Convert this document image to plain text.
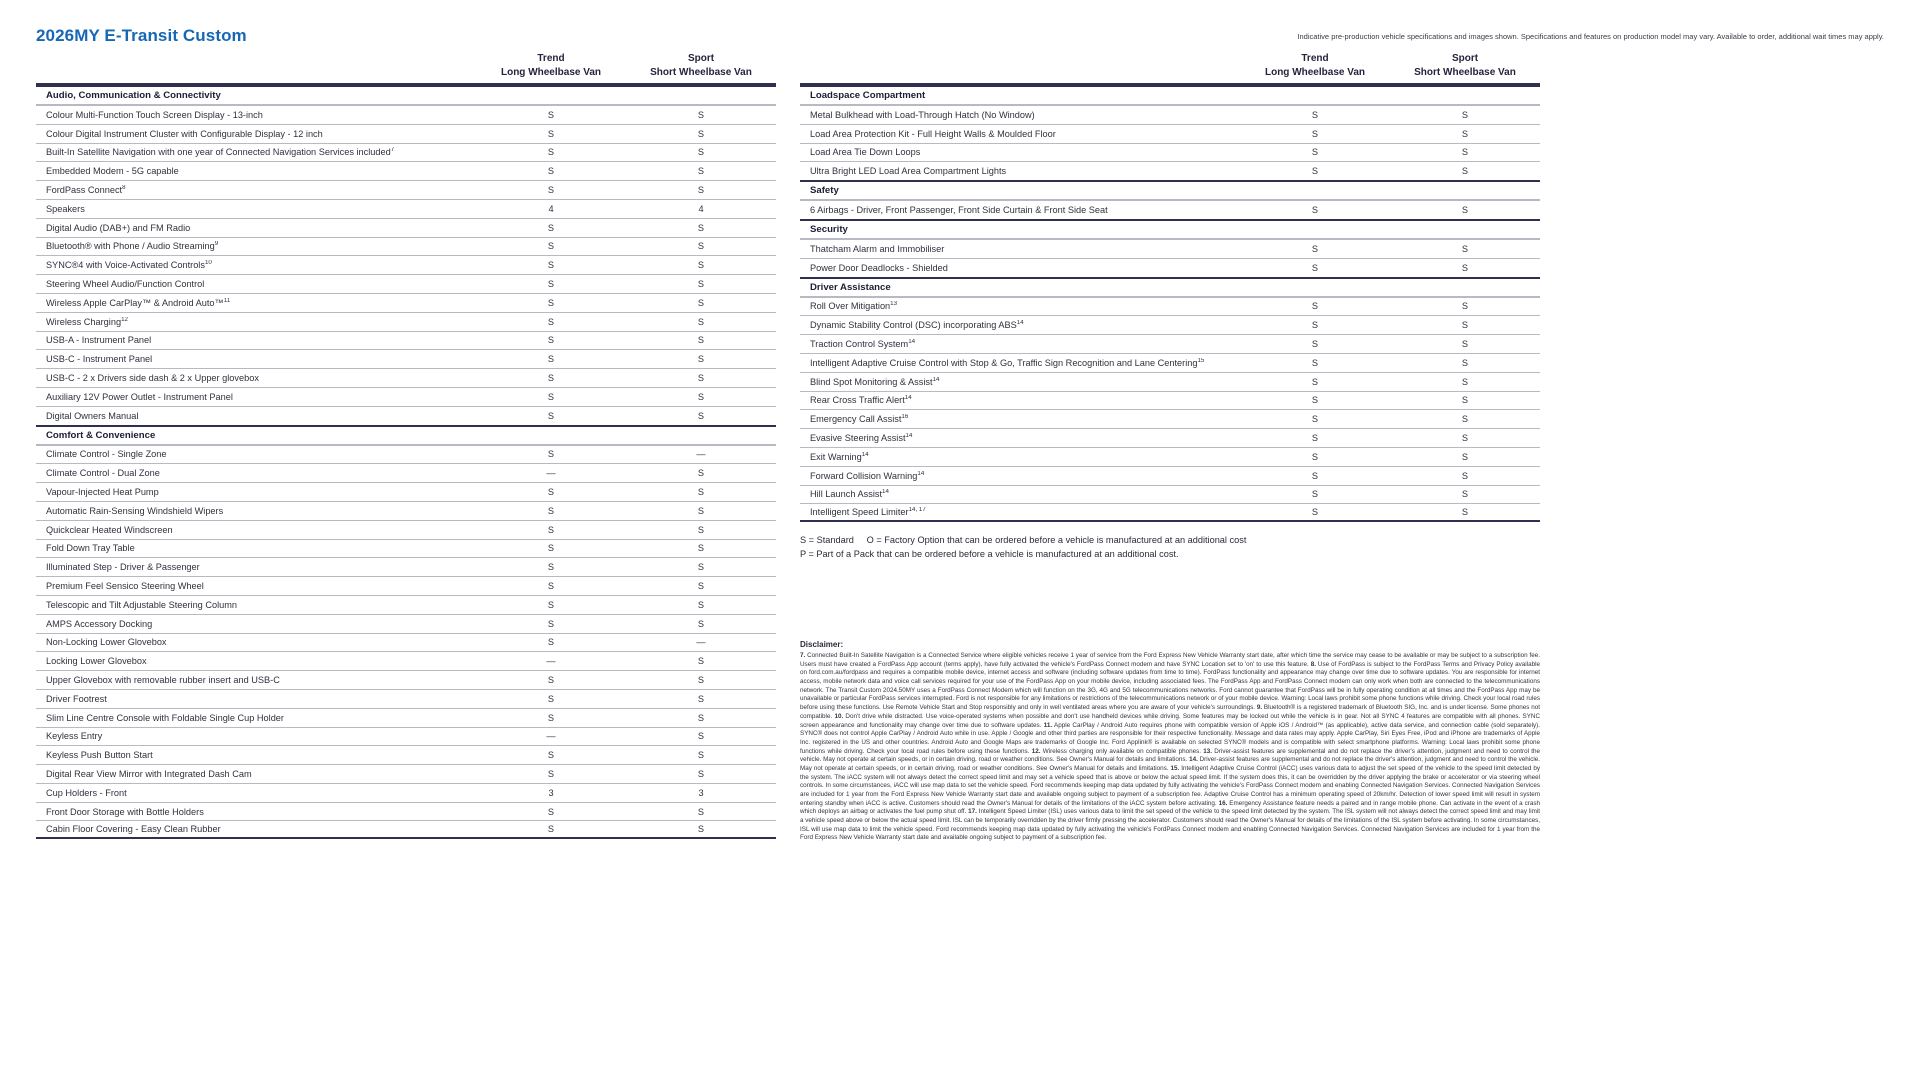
2026MY E-Transit Custom	Indicative pre-production vehicle specifications and images shown. Specifications and features on production model may vary. Available to order, additional wait times may apply.
Trend
Long Wheelbase Van
Sport
Short Wheelbase Van
Audio, Communication & Connectivity
Colour Multi-Function Touch Screen Display - 13-inch	S	S
Colour Digital Instrument Cluster with Configurable Display - 12 inch	S	S
Built-In Satellite Navigation with one year of Connected Navigation Services included$^7$	S	S
Embedded Modem - 5G capable	S	S
FordPass Connect$^8$	S	S
Speakers	4	4
Digital Audio (DAB+) and FM Radio	S	S
Bluetooth® with Phone / Audio Streaming$^9$	S	S
SYNC®4 with Voice-Activated Controls$^{10}$	S	S
Steering Wheel Audio/Function Control	S	S
Wireless Apple CarPlay™ & Android Auto™$^{11}$	S	S
Wireless Charging$^{12}$	S	S
USB-A - Instrument Panel	S	S
USB-C - Instrument Panel	S	S
USB-C - 2 x Drivers side dash & 2 x Upper glovebox	S	S
Auxiliary 12V Power Outlet - Instrument Panel	S	S
Digital Owners Manual	S	S
Comfort & Convenience
Climate Control - Single Zone	S	—
Climate Control - Dual Zone	—	S
Vapour-Injected Heat Pump	S	S
Automatic Rain-Sensing Windshield Wipers	S	S
Quickclear Heated Windscreen	S	S
Fold Down Tray Table	S	S
Illuminated Step - Driver & Passenger	S	S
Premium Feel Sensico Steering Wheel	S	S
Telescopic and Tilt Adjustable Steering Column	S	S
AMPS Accessory Docking	S	S
Non-Locking Lower Glovebox	S	—
Locking Lower Glovebox	—	S
Upper Glovebox with removable rubber insert and USB-C	S	S
Driver Footrest	S	S
Slim Line Centre Console with Foldable Single Cup Holder	S	S
Keyless Entry	—	S
Keyless Push Button Start	S	S
Digital Rear View Mirror with Integrated Dash Cam	S	S
Cup Holders - Front	3	3
Front Door Storage with Bottle Holders	S	S
Cabin Floor Covering - Easy Clean Rubber	S	S
Trend
Long Wheelbase Van
Sport
Short Wheelbase Van
Loadspace Compartment
Metal Bulkhead with Load-Through Hatch (No Window)	S	S
Load Area Protection Kit - Full Height Walls & Moulded Floor	S	S
Load Area Tie Down Loops	S	S
Ultra Bright LED Load Area Compartment Lights	S	S
Safety
6 Airbags - Driver, Front Passenger, Front Side Curtain & Front Side Seat	S	S
Security
Thatcham Alarm and Immobiliser	S	S
Power Door Deadlocks - Shielded	S	S
Driver Assistance
Roll Over Mitigation$^{13}$	S	S
Dynamic Stability Control (DSC) incorporating ABS$^{14}$	S	S
Traction Control System$^{14}$	S	S
Intelligent Adaptive Cruise Control with Stop & Go, Traffic Sign Recognition and Lane Centering$^{15}$	S	S
Blind Spot Monitoring & Assist$^{14}$	S	S
Rear Cross Traffic Alert$^{14}$	S	S
Emergency Call Assist$^{16}$	S	S
Evasive Steering Assist$^{14}$	S	S
Exit Warning$^{14}$	S	S
Forward Collision Warning$^{14}$	S	S
Hill Launch Assist$^{14}$	S	S
Intelligent Speed Limiter$^{14, 17}$	S	S
S = Standard     O = Factory Option that can be ordered before a vehicle is manufactured at an additional cost
P = Part of a Pack that can be ordered before a vehicle is manufactured at an additional cost.
Disclaimer:
7. Connected Built-In Satellite Navigation is a Connected Service where eligible vehicles receive 1 year of service from the Ford Express New Vehicle Warranty start date, after which time the service may cease to be available or may be subject to a subscription fee. Users must have created a FordPass App account (terms apply), have fully activated the vehicle's FordPass Connect modem and have SYNC Location set to 'on' to use this feature. 8. Use of FordPass is subject to the FordPass Terms and Privacy Policy available on ford.com.au/fordpass and requires a compatible mobile device, internet access and software (including software updates from time to time). FordPass functionality and appearance may change over time due to software updates. You are responsible for internet access, mobile network data and voice call services required for your use of the FordPass App on your mobile device, including associated fees. The FordPass App and FordPass Connect modem can only work when both are connected to the telecommunications network. The Transit Custom 2024.50MY uses a FordPass Connect Modem which will function on the 3G, 4G and 5G telecommunications networks. Ford cannot guarantee that FordPass will be in fully operating condition at all times and the FordPass App may be unavailable or particular FordPass services interrupted. Ford is not responsible for any limitations or restrictions of the telecommunications network or of your mobile device. Warning: Local laws prohibit some phone functions while driving. Check your local road rules before using these functions. Use Remote Vehicle Start and Stop responsibly and only in well ventilated areas where you are aware of your vehicle's surroundings. 9. Bluetooth® is a registered trademark of Bluetooth SIG, Inc. and is under license. Some phones not compatible. 10. Don't drive while distracted. Use voice-operated systems when possible and don't use handheld devices while driving. Some features may be locked out while the vehicle is in gear. Not all SYNC 4 features are compatible with all phones. SYNC screen appearance and functionality may change over time due to software updates. 11. Apple CarPlay / Android Auto requires phone with compatible version of Apple iOS / Android™ (as applicable), active data service, and connection cable (sold separately). SYNC® does not control Apple CarPlay / Android Auto while in use. Apple / Google and other third parties are responsible for their respective functionality. Message and data rates may apply. Apple CarPlay, Siri Eyes Free, iPod and iPhone are trademarks of Apple Inc. registered in the US and other countries. Android Auto and Google Maps are trademarks of Google Inc. Ford Applink® is available on selected SYNC® models and is compatible with select smartphone platforms. Warning: Local laws prohibit some phone functions while driving. Check your local road rules before using these functions. 12. Wireless charging only available on compatible phones. 13. Driver-assist features are supplemental and do not replace the driver's attention, judgment and need to control the vehicle. May not operate at certain speeds, or in certain driving, road or weather conditions. See Owner's Manual for details and limitations. 14. Driver-assist features are supplemental and do not replace the driver's attention, judgment and need to control the vehicle. May not operate at certain speeds, or in certain driving, road or weather conditions. See Owner's Manual for details and limitations. 15. Intelligent Adaptive Cruise Control (iACC) uses various data to adjust the set speed of the vehicle to the speed limit detected by the system. The iACC system will not always detect the correct speed limit and may set a vehicle speed that is above or below the actual speed limit. If the system does this, it can be overridden by the driver applying the brake or accelerator or via steering wheel controls. In some circumstances, iACC will use map data to set the vehicle speed. Ford recommends keeping map data updated by fully activating the vehicle's FordPass Connect modem and enabling Connected Navigation Services. Connected Navigation Services are included for 1 year from the Ford Express New Vehicle Warranty start date and available ongoing subject to payment of a subscription fee. Adaptive Cruise Control has a minimum operating speed of 20km/hr. Detection of lower speed limit will result in system entering standby when iACC is active. Customers should read the Owner's Manual for details of the limitations of the iACC system before activating. 16. Emergency Assistance feature needs a paired and in range mobile phone. Can activate in the event of a crash which deploys an airbag or activates the fuel pump shut off. 17. Intelligent Speed Limiter (ISL) uses various data to limit the set speed of the vehicle to the speed limit detected by the system. The ISL system will not always detect the correct speed limit and may limit a vehicle speed above or below the actual speed limit. ISL can be temporarily overridden by the driver firmly pressing the accelerator. Customers should read the Owner's Manual for details of the limitations of the ISL system before activating. In some circumstances, ISL will use map data to limit the vehicle speed. Ford recommends keeping map data updated by fully activating the vehicle's FordPass Connect modem and enabling Connected Navigation Services. Connected Navigation Services are included for 1 year from the Ford Express New Vehicle Warranty start date and available ongoing subject to payment of a subscription fee.
